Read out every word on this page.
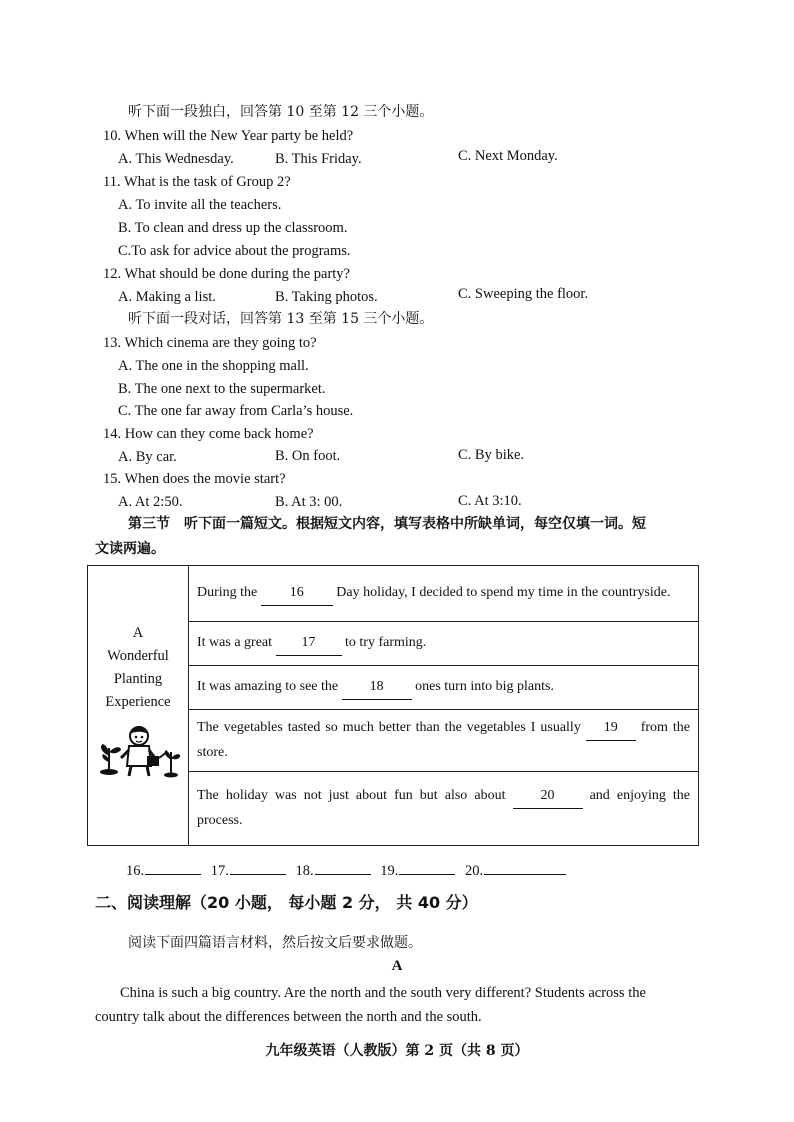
听下面一段独白，回答第 10 至第 12 三个小题。
10. When will the New Year party be held?
A. This Wednesday.	B. This Friday.	C. Next Monday.
11. What is the task of Group 2?
A. To invite all the teachers.
B. To clean and dress up the classroom.
C.To ask for advice about the programs.
12. What should be done during the party?
A. Making a list.	B. Taking photos.	C. Sweeping the floor.
听下面一段对话，回答第 13 至第 15 三个小题。
13. Which cinema are they going to?
A. The one in the shopping mall.
B. The one next to the supermarket.
C. The one far away from Carla’s house.
14. How can they come back home?
A. By car.	B. On foot.	C. By bike.
15. When does the movie start?
A. At 2:50.	B. At 3: 00.	C. At 3:10.
第三节　听下面一篇短文。根据短文内容，填写表格中所缺单词，每空仅填一词。短
文读两遍。
A
Wonderful
Planting
Experience
	During the 16 Day holiday, I decided to spend my time in the countryside.
It was a great 17 to try farming.
It was amazing to see the 18 ones turn into big plants.
The vegetables tasted so much better than the vegetables I usually 19 from the store.
The holiday was not just about fun but also about	20	and enjoying the process.
16.	17.	18.	19.	20.
二、阅读理解（20 小题， 每小题 2 分， 共 40 分）
阅读下面四篇语言材料，然后按文后要求做题。
A
China is such a big country. Are the north and the south very different? Students across the
country talk about the differences between the north and the south.
九年级英语（人教版）第 2 页（共 8 页）
